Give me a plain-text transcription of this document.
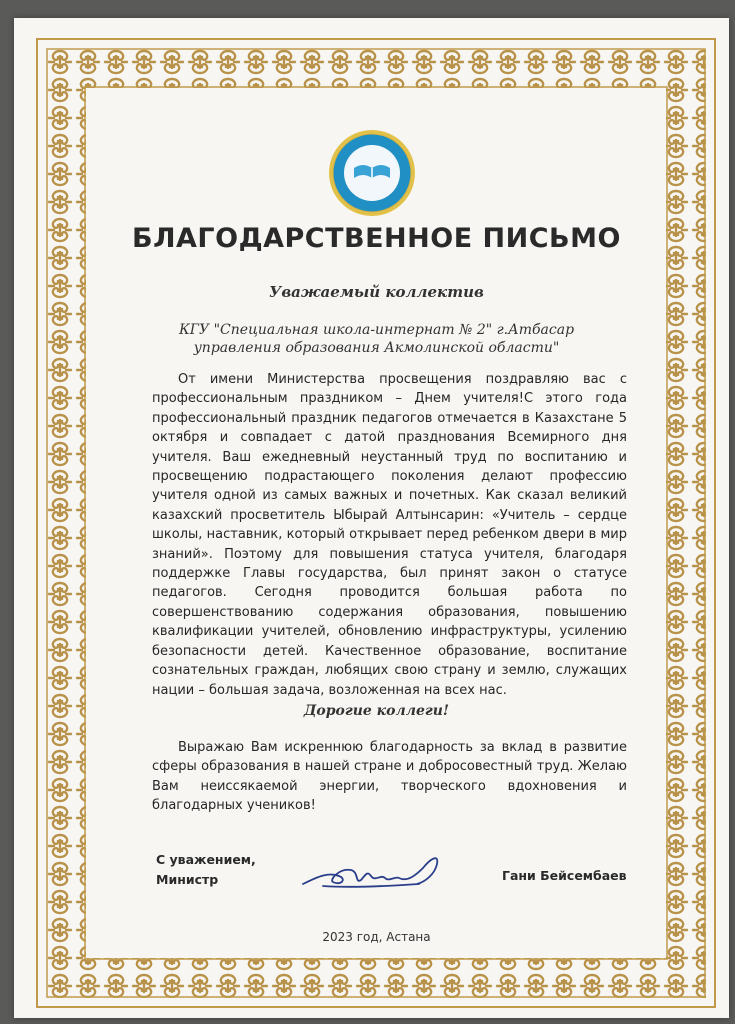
БЛАГОДАРСТВЕННОЕ ПИСЬМО
Уважаемый коллектив
КГУ "Специальная школа-интернат № 2" г.Атбасар
управления образования Акмолинской области"
От имени Министерства просвещения поздравляю вас с профессиональным праздником – Днем учителя!С этого года профессиональный праздник педагогов отмечается в Казахстане 5 октября и совпадает с датой празднования Всемирного дня учителя. Ваш ежедневный неустанный труд по воспитанию и просвещению подрастающего поколения делают профессию учителя одной из самых важных и почетных. Как сказал великий казахский просветитель Ыбырай Алтынсарин: «Учитель – сердце школы, наставник, который открывает перед ребенком двери в мир знаний». Поэтому для повышения статуса учителя, благодаря поддержке Главы государства, был принят закон о статусе педагогов. Сегодня проводится большая работа по совершенствованию содержания образования, повышению квалификации учителей, обновлению инфраструктуры, усилению безопасности детей. Качественное образование, воспитание сознательных граждан, любящих свою страну и землю, служащих нации – большая задача, возложенная на всех нас.
Дорогие коллеги!
Выражаю Вам искреннюю благодарность за вклад в развитие сферы образования в нашей стране и добросовестный труд. Желаю Вам неиссякаемой энергии, творческого вдохновения и благодарных учеников!
С уважением,
Министр	Гани Бейсембаев
2023 год, Астана
